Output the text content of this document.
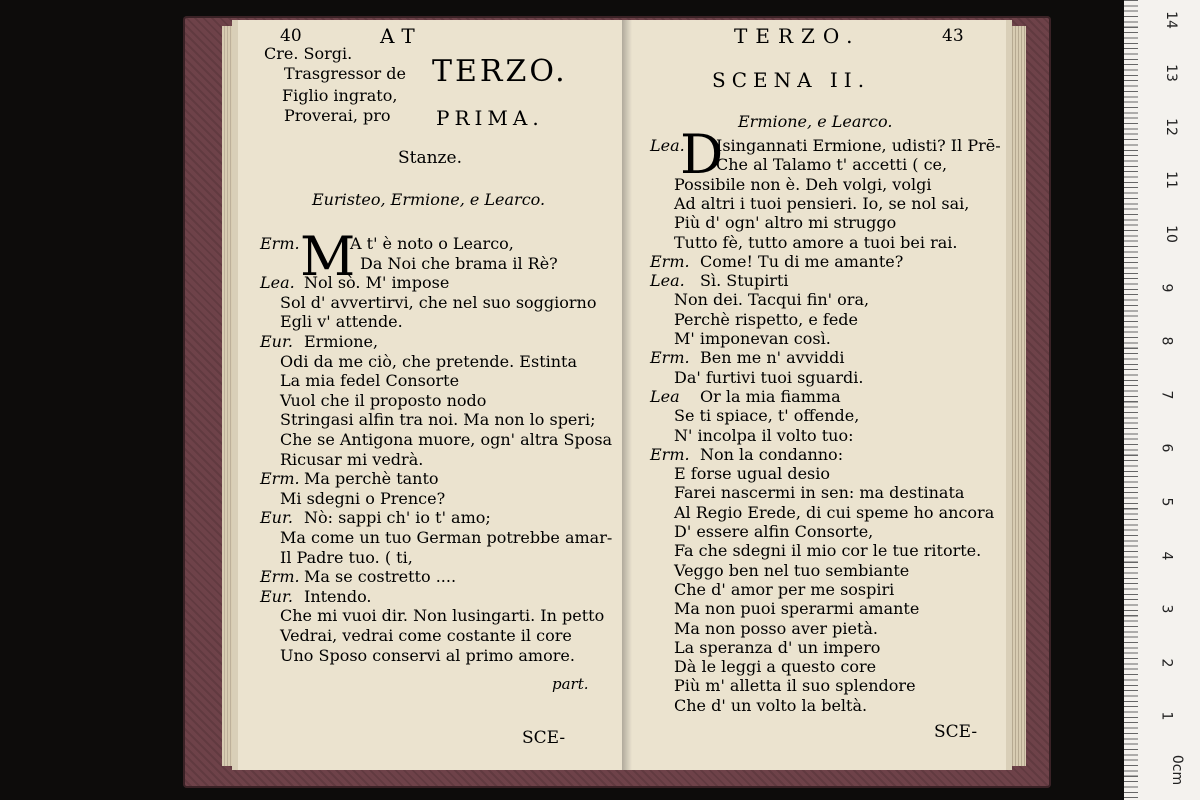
40	AT
Cre. Sorgi.
Trasgressor de
Figlio ingrato,
Proverai, pro
TERZO.
PRIMA.
Stanze.
Euristeo, Ermione, e Learco.
M
Erm.	A t' è noto o Learco,
Da Noi che brama il Rè?
Lea. Nol sò. M' impose
Sol d' avvertirvi, che nel suo soggiorno
Egli v' attende.
Eur. Ermione,
Odi da me ciò, che pretende. Estinta
La mia fedel Consorte
Vuol che il proposto nodo
Stringasi alfin tra noi. Ma non lo speri;
Che se Antigona muore, ogn' altra Sposa
Ricusar mi vedrà.
Erm. Ma perchè tanto
Mi sdegni o Prence?
Eur. Nò: sappi ch' io t' amo;
Ma come un tuo German potrebbe amar-
Il Padre tuo. ( ti,
Erm. Ma se costretto ....
Eur. Intendo.
Che mi vuoi dir. Non lusingarti. In petto
Vedrai, vedrai come costante il core
Uno Sposo conservi al primo amore.
part.
SCE-
TERZO.	43
SCENA II.
Ermione, e Learco.
D
Lea. Isingannati Ermione, udisti? Il Prē-
Che al Talamo t' accetti ( ce,
Possibile non è. Deh volgi, volgi
Ad altri i tuoi pensieri. Io, se nol sai,
Più d' ogn' altro mi struggo
Tutto fè, tutto amore a tuoi bei rai.
Erm. Come! Tu di me amante?
Lea. Sì. Stupirti
Non dei. Tacqui fin' ora,
Perchè rispetto, e fede
M' imponevan così.
Erm. Ben me n' avviddi
Da' furtivi tuoi sguardi.
Lea Or la mia fiamma
Se ti spiace, t' offende,
N' incolpa il volto tuo:
Erm. Non la condanno:
E forse ugual desio
Farei nascermi in sen: ma destinata
Al Regio Erede, di cui speme ho ancora
D' essere alfin Consorte,
Fa che sdegni il mio cor le tue ritorte.
Veggo ben nel tuo sembiante
Che d' amor per me sospiri
Ma non puoi sperarmi amante
Ma non posso aver pietà.
La speranza d' un impero
Dà le leggi a questo core
Più m' alletta il suo splendore
Che d' un volto la beltà.
SCE-
0cm
1
2
3
4
5
6
7
8
9
10
11
12
13
14
